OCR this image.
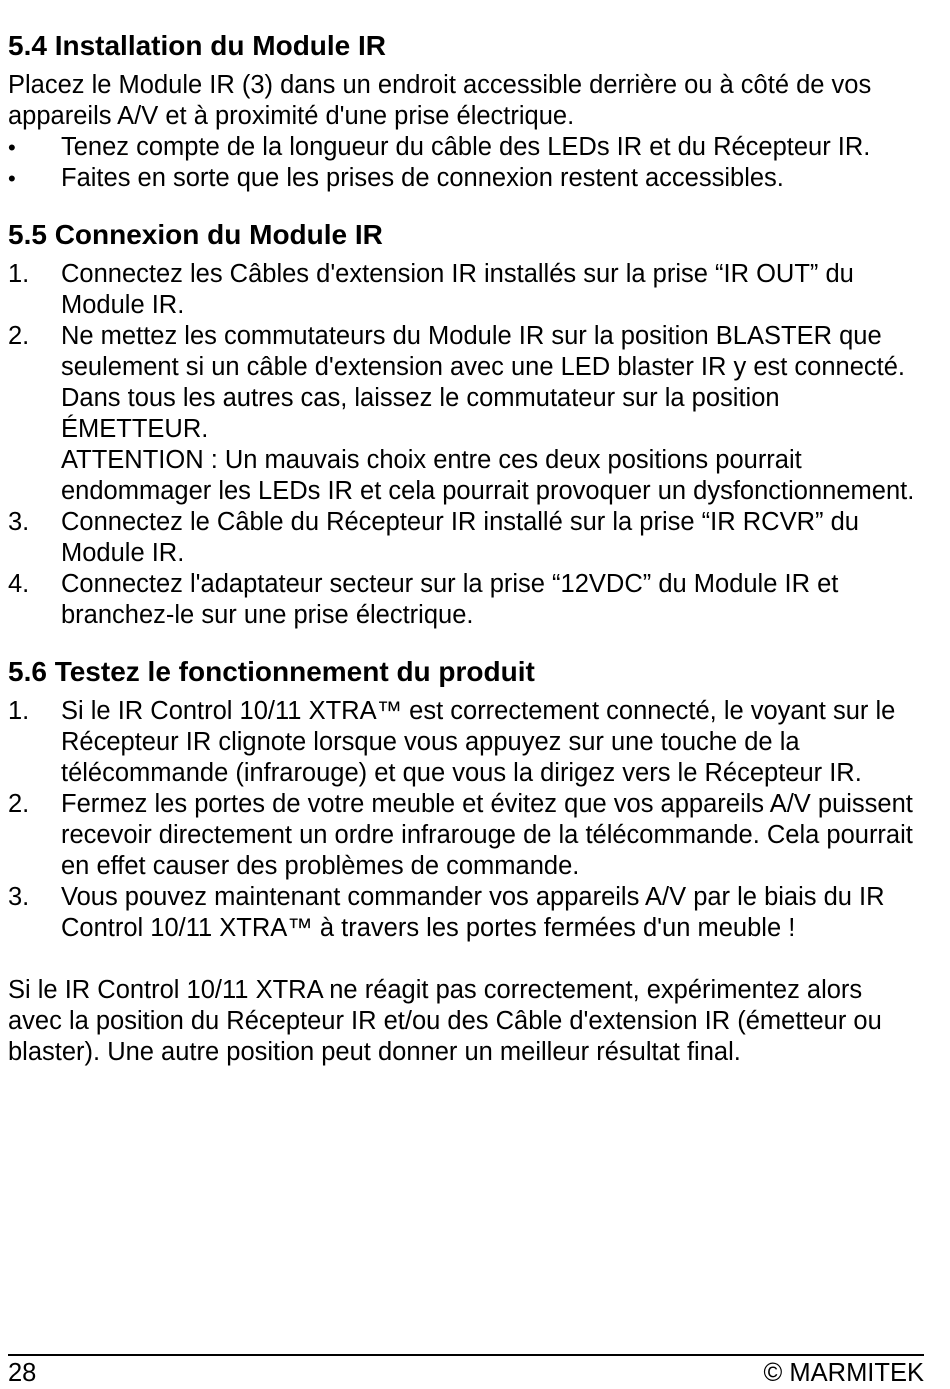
5.4 Installation du Module IR

Placez le Module IR (3) dans un endroit accessible derrière ou à côté de vos appareils A/V et à proximité d'une prise électrique.

• Tenez compte de la longueur du câble des LEDs IR et du Récepteur IR.
• Faites en sorte que les prises de connexion restent accessibles.
5.5 Connexion du Module IR
1. Connectez les Câbles d'extension IR installés sur la prise “IR OUT” du Module IR.
2. Ne mettez les commutateurs du Module IR sur la position BLASTER que seulement si un câble d'extension avec une LED blaster IR y est connecté. Dans tous les autres cas, laissez le commutateur sur la position ÉMETTEUR.
ATTENTION : Un mauvais choix entre ces deux positions pourrait endommager les LEDs IR et cela pourrait provoquer un dysfonctionnement.
3. Connectez le Câble du Récepteur IR installé sur la prise “IR RCVR” du Module IR.
4. Connectez l'adaptateur secteur sur la prise “12VDC” du Module IR et branchez-le sur une prise électrique.
5.6 Testez le fonctionnement du produit
1. Si le IR Control 10/11 XTRA™ est correctement connecté, le voyant sur le Récepteur IR clignote lorsque vous appuyez sur une touche de la télécommande (infrarouge) et que vous la dirigez vers le Récepteur IR.
2. Fermez les portes de votre meuble et évitez que vos appareils A/V puissent recevoir directement un ordre infrarouge de la télécommande. Cela pourrait en effet causer des problèmes de commande.
3. Vous pouvez maintenant commander vos appareils A/V par le biais du IR Control 10/11 XTRA™ à travers les portes fermées d'un meuble !

Si le IR Control 10/11 XTRA ne réagit pas correctement, expérimentez alors avec la position du Récepteur IR et/ou des Câble d'extension IR (émetteur ou blaster). Une autre position peut donner un meilleur résultat final.

28	© MARMITEK
